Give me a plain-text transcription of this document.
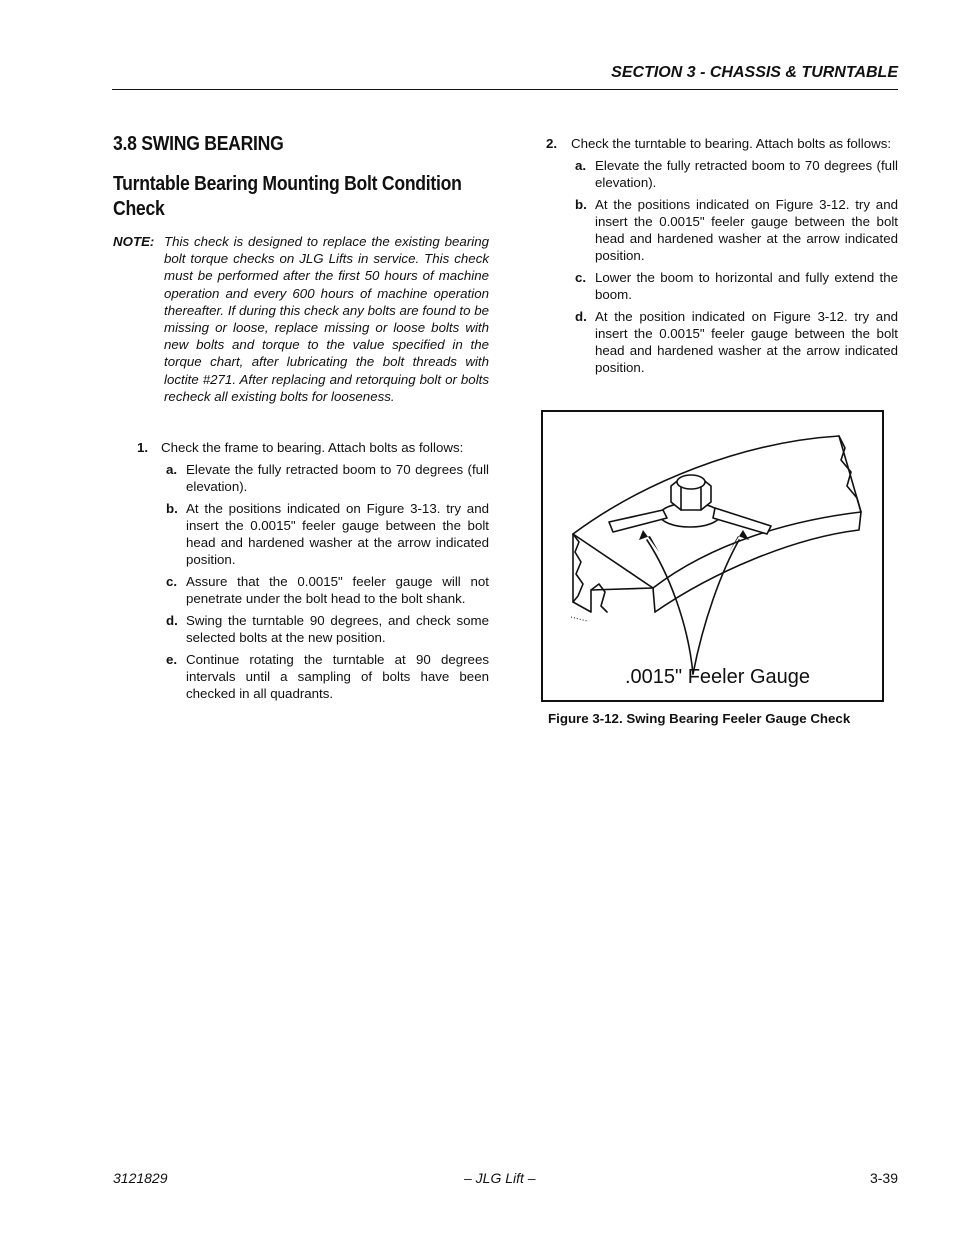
SECTION 3 - CHASSIS & TURNTABLE
3.8 SWING BEARING
Turntable Bearing Mounting Bolt Condition Check
NOTE: This check is designed to replace the existing bearing bolt torque checks on JLG Lifts in service. This check must be performed after the first 50 hours of machine operation and every 600 hours of machine operation thereafter. If during this check any bolts are found to be missing or loose, replace missing or loose bolts with new bolts and torque to the value specified in the torque chart, after lubricating the bolt threads with loctite #271. After replacing and retorquing bolt or bolts recheck all existing bolts for looseness.
1. Check the frame to bearing. Attach bolts as follows:
a. Elevate the fully retracted boom to 70 degrees (full elevation).
b. At the positions indicated on Figure 3-13. try and insert the 0.0015" feeler gauge between the bolt head and hardened washer at the arrow indicated position.
c. Assure that the 0.0015" feeler gauge will not penetrate under the bolt head to the bolt shank.
d. Swing the turntable 90 degrees, and check some selected bolts at the new position.
e. Continue rotating the turntable at 90 degrees intervals until a sampling of bolts have been checked in all quadrants.
2. Check the turntable to bearing. Attach bolts as follows:
a. Elevate the fully retracted boom to 70 degrees (full elevation).
b. At the positions indicated on Figure 3-12. try and insert the 0.0015" feeler gauge between the bolt head and hardened washer at the arrow indicated position.
c. Lower the boom to horizontal and fully extend the boom.
d. At the position indicated on Figure 3-12. try and insert the 0.0015" feeler gauge between the bolt head and hardened washer at the arrow indicated position.
.0015" Feeler Gauge
Figure 3-12. Swing Bearing Feeler Gauge Check
3121829	– JLG Lift –	3-39
